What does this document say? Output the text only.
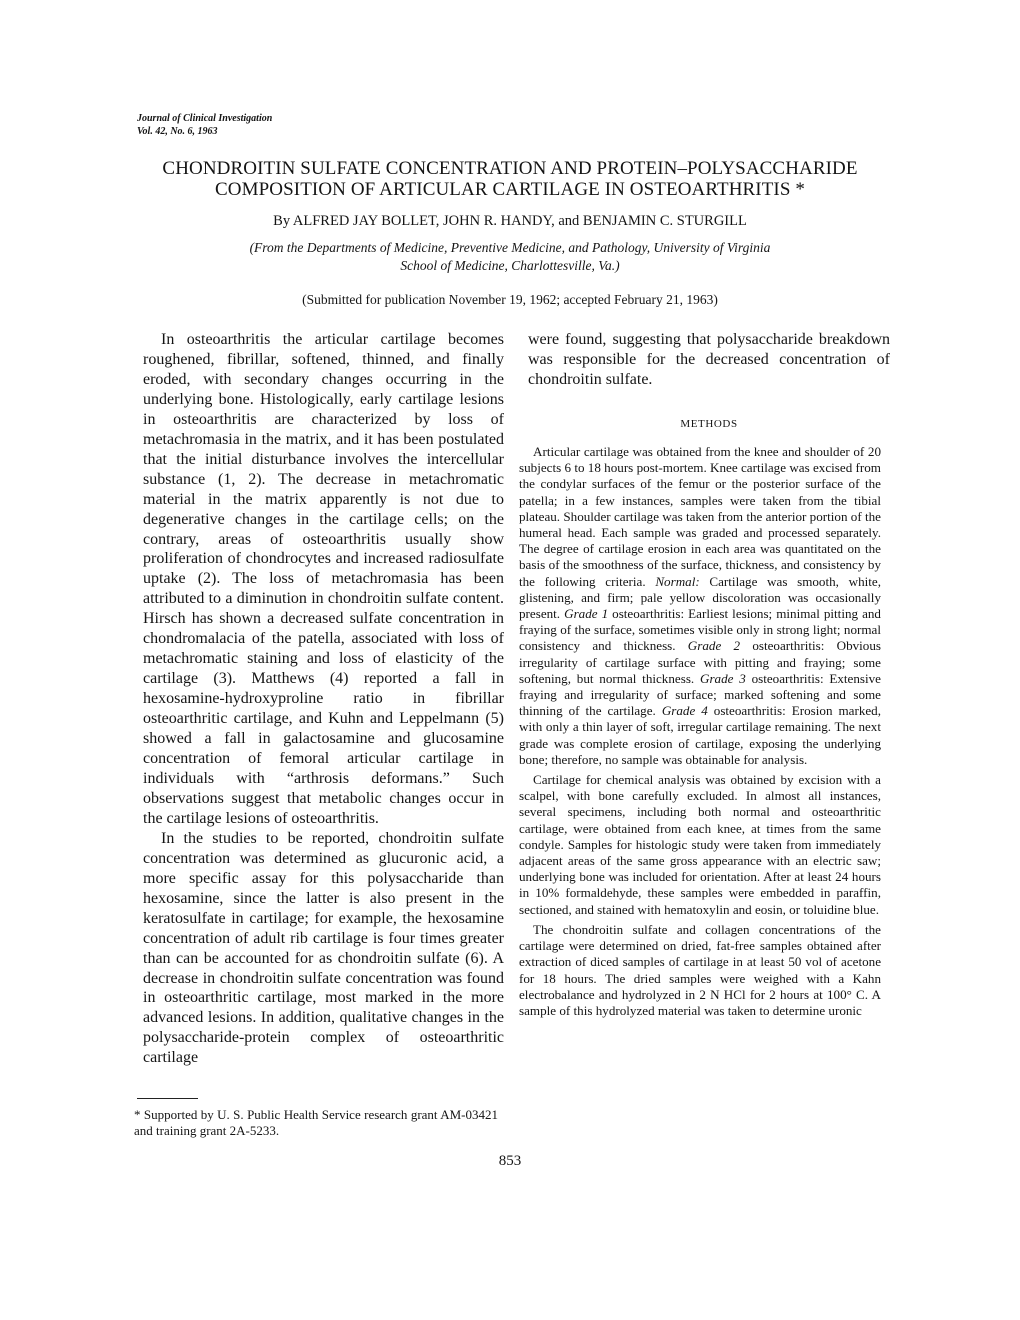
Journal of Clinical Investigation
Vol. 42, No. 6, 1963
CHONDROITIN SULFATE CONCENTRATION AND PROTEIN–POLYSACCHARIDE
COMPOSITION OF ARTICULAR CARTILAGE IN OSTEOARTHRITIS *
By ALFRED JAY BOLLET, JOHN R. HANDY, and BENJAMIN C. STURGILL
(From the Departments of Medicine, Preventive Medicine, and Pathology, University of Virginia
School of Medicine, Charlottesville, Va.)
(Submitted for publication November 19, 1962; accepted February 21, 1963)

In osteoarthritis the articular cartilage becomes roughened, fibrillar, softened, thinned, and finally eroded, with secondary changes occurring in the underlying bone. Histologically, early cartilage lesions in osteoarthritis are characterized by loss of metachromasia in the matrix, and it has been postulated that the initial disturbance involves the intercellular substance (1, 2). The decrease in metachromatic material in the matrix apparently is not due to degenerative changes in the cartilage cells; on the contrary, areas of osteoarthritis usually show proliferation of chondrocytes and increased radiosulfate uptake (2). The loss of metachromasia has been attributed to a diminution in chondroitin sulfate content. Hirsch has shown a decreased sulfate concentration in chondromalacia of the patella, associated with loss of metachromatic staining and loss of elasticity of the cartilage (3). Matthews (4) reported a fall in hexosamine-hydroxyproline ratio in fibrillar osteoarthritic cartilage, and Kuhn and Leppelmann (5) showed a fall in galactosamine and glucosamine concentration of femoral articular cartilage in individuals with “arthrosis deformans.” Such observations suggest that metabolic changes occur in the cartilage lesions of osteoarthritis.

In the studies to be reported, chondroitin sulfate concentration was determined as glucuronic acid, a more specific assay for this polysaccharide than hexosamine, since the latter is also present in the keratosulfate in cartilage; for example, the hexosamine concentration of adult rib cartilage is four times greater than can be accounted for as chondroitin sulfate (6). A decrease in chondroitin sulfate concentration was found in osteoarthritic cartilage, most marked in the more advanced lesions. In addition, qualitative changes in the polysaccharide-protein complex of osteoarthritic cartilage

were found, suggesting that polysaccharide breakdown was responsible for the decreased concentration of chondroitin sulfate.

METHODS

Articular cartilage was obtained from the knee and shoulder of 20 subjects 6 to 18 hours post-mortem. Knee cartilage was excised from the condylar surfaces of the femur or the posterior surface of the patella; in a few instances, samples were taken from the tibial plateau. Shoulder cartilage was taken from the anterior portion of the humeral head. Each sample was graded and processed separately. The degree of cartilage erosion in each area was quantitated on the basis of the smoothness of the surface, thickness, and consistency by the following criteria. Normal: Cartilage was smooth, white, glistening, and firm; pale yellow discoloration was occasionally present. Grade 1 osteoarthritis: Earliest lesions; minimal pitting and fraying of the surface, sometimes visible only in strong light; normal consistency and thickness. Grade 2 osteoarthritis: Obvious irregularity of cartilage surface with pitting and fraying; some softening, but normal thickness. Grade 3 osteoarthritis: Extensive fraying and irregularity of surface; marked softening and some thinning of the cartilage. Grade 4 osteoarthritis: Erosion marked, with only a thin layer of soft, irregular cartilage remaining. The next grade was complete erosion of cartilage, exposing the underlying bone; therefore, no sample was obtainable for analysis.

Cartilage for chemical analysis was obtained by excision with a scalpel, with bone carefully excluded. In almost all instances, several specimens, including both normal and osteoarthritic cartilage, were obtained from each knee, at times from the same condyle. Samples for histologic study were taken from immediately adjacent areas of the same gross appearance with an electric saw; underlying bone was included for orientation. After at least 24 hours in 10% formaldehyde, these samples were embedded in paraffin, sectioned, and stained with hematoxylin and eosin, or toluidine blue.

The chondroitin sulfate and collagen concentrations of the cartilage were determined on dried, fat-free samples obtained after extraction of diced samples of cartilage in at least 50 vol of acetone for 18 hours. The dried samples were weighed with a Kahn electrobalance and hydrolyzed in 2 N HCl for 2 hours at 100° C. A sample of this hydrolyzed material was taken to determine uronic

* Supported by U. S. Public Health Service research grant AM-03421 and training grant 2A-5233.
853
